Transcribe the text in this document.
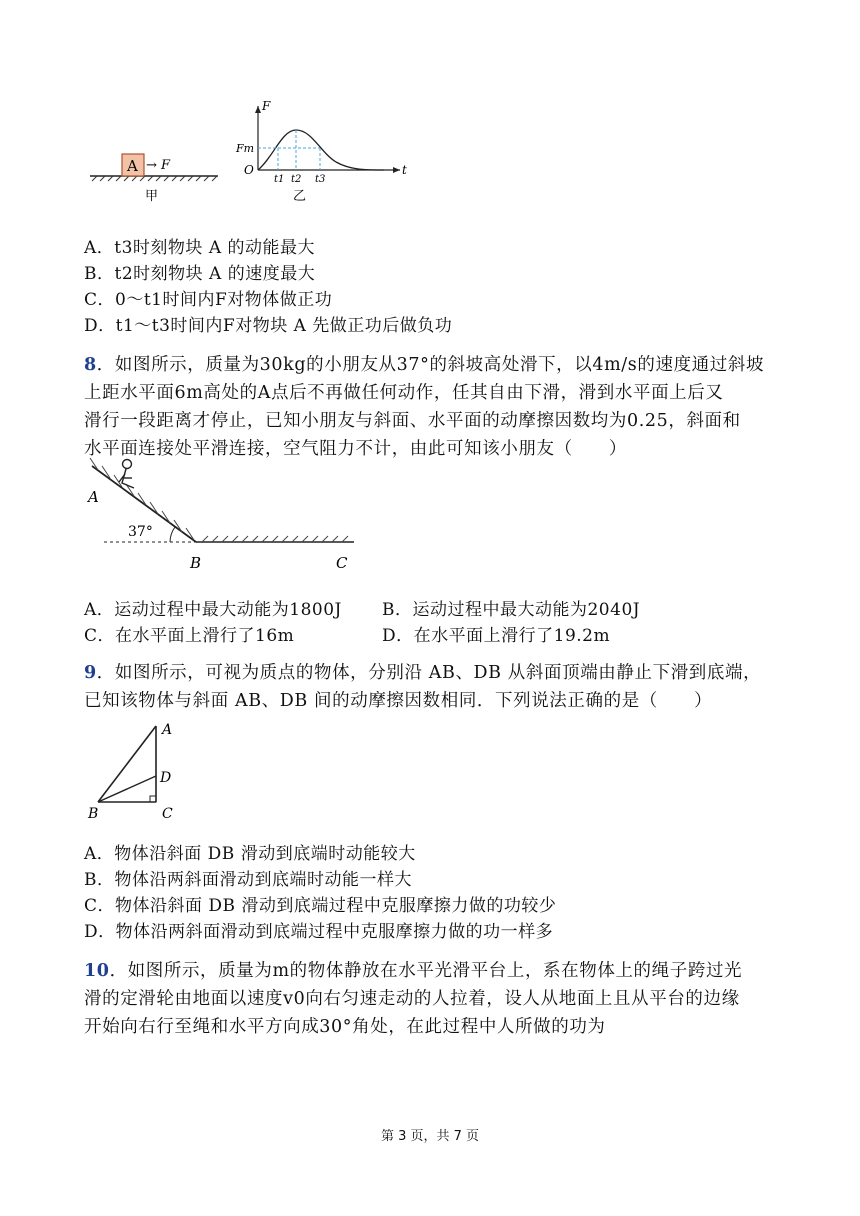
A → F
甲
F
t
O
Fm
t1 t2 t3
乙
A．t3时刻物块 A 的动能最大
B．t2时刻物块 A 的速度最大
C．0～t1时间内F对物体做正功
D．t1～t3时间内F对物块 A 先做正功后做负功
8．如图所示，质量为30kg的小朋友从37°的斜坡高处滑下，以4m/s的速度通过斜坡
上距水平面6m高处的A点后不再做任何动作，任其自由下滑，滑到水平面上后又
滑行一段距离才停止，已知小朋友与斜面、水平面的动摩擦因数均为0.25，斜面和
水平面连接处平滑连接，空气阻力不计，由此可知该小朋友（　　）
A
37°
B	C
A．运动过程中最大动能为1800J B．运动过程中最大动能为2040J
C．在水平面上滑行了16m	D．在水平面上滑行了19.2m
9．如图所示，可视为质点的物体，分别沿 AB、DB 从斜面顶端由静止下滑到底端，
已知该物体与斜面 AB、DB 间的动摩擦因数相同．下列说法正确的是（　　）
A
D
B	C
A．物体沿斜面 DB 滑动到底端时动能较大
B．物体沿两斜面滑动到底端时动能一样大
C．物体沿斜面 DB 滑动到底端过程中克服摩擦力做的功较少
D．物体沿两斜面滑动到底端过程中克服摩擦力做的功一样多
10．如图所示，质量为m的物体静放在水平光滑平台上，系在物体上的绳子跨过光
滑的定滑轮由地面以速度v0向右匀速走动的人拉着，设人从地面上且从平台的边缘
开始向右行至绳和水平方向成30°角处，在此过程中人所做的功为
第 3 页，共 7 页
